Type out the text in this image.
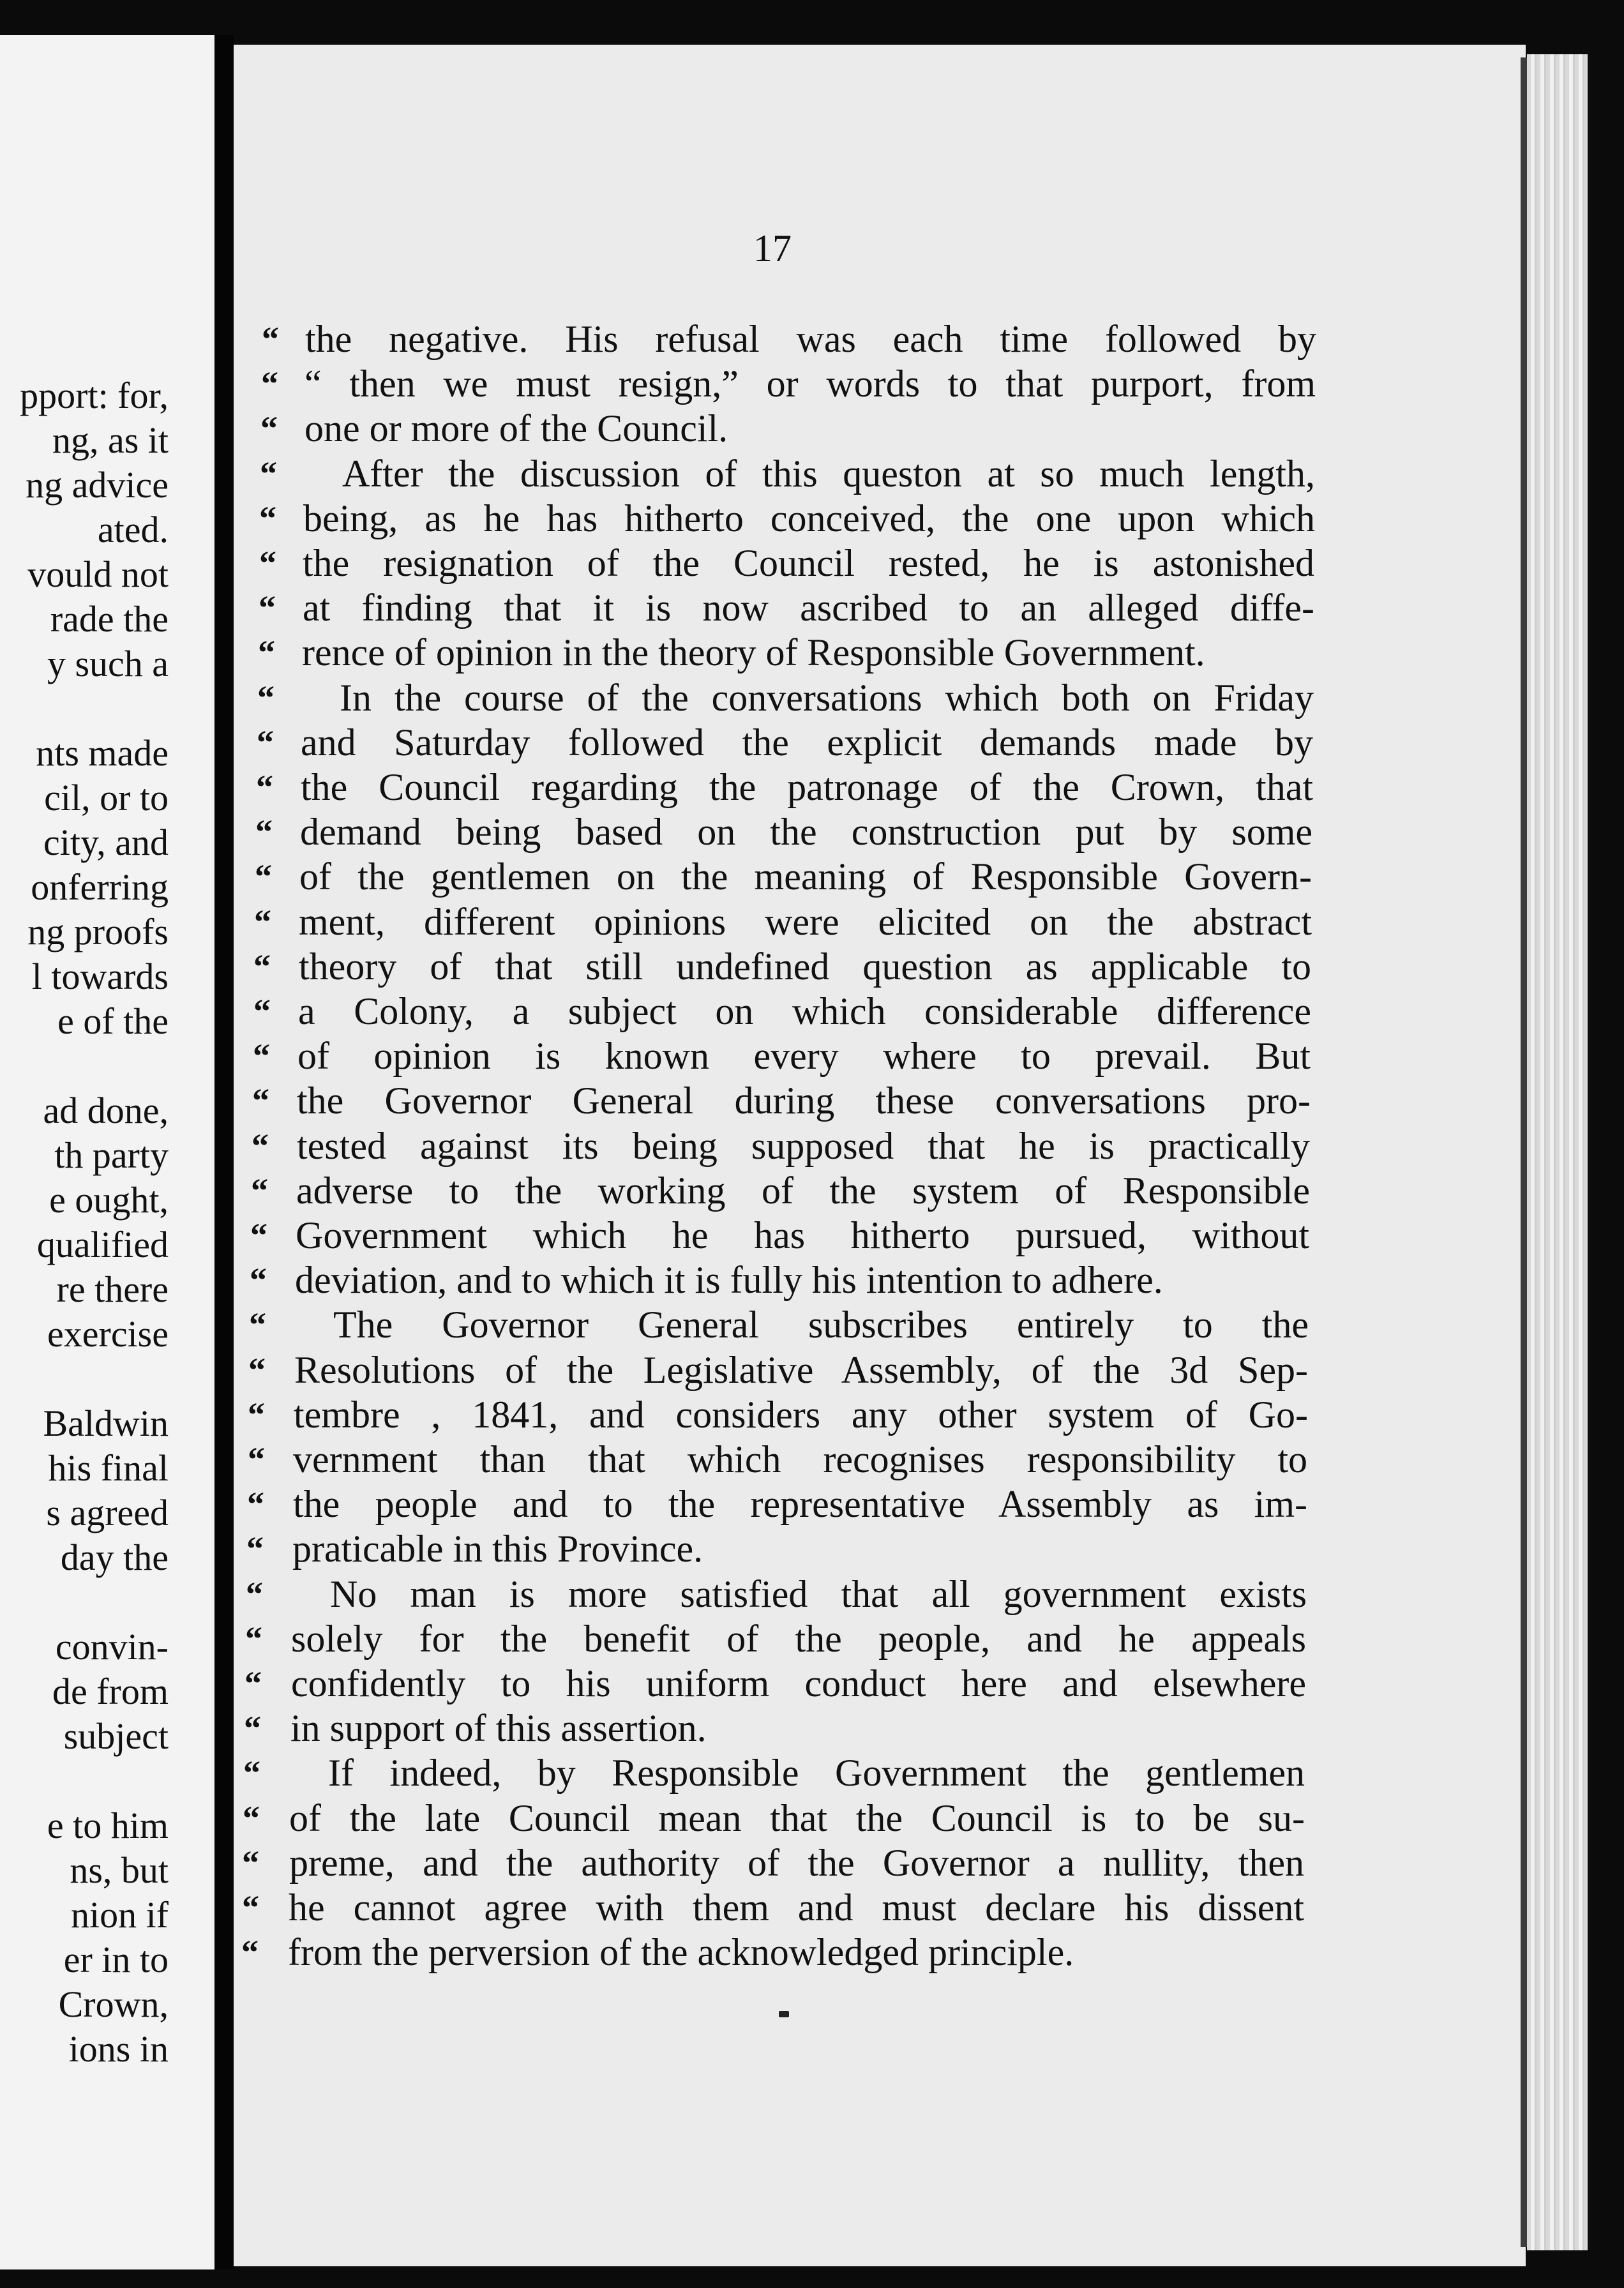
pport: for,
ng, as it
ng advice
ated.
vould not
rade the
y such a
nts made
cil, or to
city, and
onferring
ng proofs
l towards
e of the
ad done,
th party
e ought,
qualified
re there
exercise
Baldwin
his final
s agreed
day the
convin-
de from
subject
e to him
ns, but
nion if
er in to
Crown,
ions in

17

“ the negative. His refusal was each time followed by
“ “ then we must resign,” or words to that purport, from
“ one or more of the Council.
“	After the discussion of this queston at so much length,
“ being, as he has hitherto conceived, the one upon which
“ the resignation of the Council rested, he is astonished
“ at finding that it is now ascribed to an alleged diffe-
“ rence of opinion in the theory of Responsible Government.
“	In the course of the conversations which both on Friday
“ and Saturday followed the explicit demands made by
“ the Council regarding the patronage of the Crown, that
“ demand being based on the construction put by some
“ of the gentlemen on the meaning of Responsible Govern-
“ ment, different opinions were elicited on the abstract
“ theory of that still undefined question as applicable to
“ a Colony, a subject on which considerable difference
“ of opinion is known every where to prevail. But
“ the Governor General during these conversations pro-
“ tested against its being supposed that he is practically
“ adverse to the working of the system of Responsible
“ Government which he has hitherto pursued, without
“ deviation, and to which it is fully his intention to adhere.
“	The Governor General subscribes entirely to the
“ Resolutions of the Legislative Assembly, of the 3d Sep-
“ tembre , 1841, and considers any other system of Go-
“ vernment than that which recognises responsibility to
“ the people and to the representative Assembly as im-
“ praticable in this Province.
“	No man is more satisfied that all government exists
“ solely for the benefit of the people, and he appeals
“ confidently to his uniform conduct here and elsewhere
“ in support of this assertion.
“	If indeed, by Responsible Government the gentlemen
“ of the late Council mean that the Council is to be su-
“ preme, and the authority of the Governor a nullity, then
“ he cannot agree with them and must declare his dissent
“ from the perversion of the acknowledged principle.
